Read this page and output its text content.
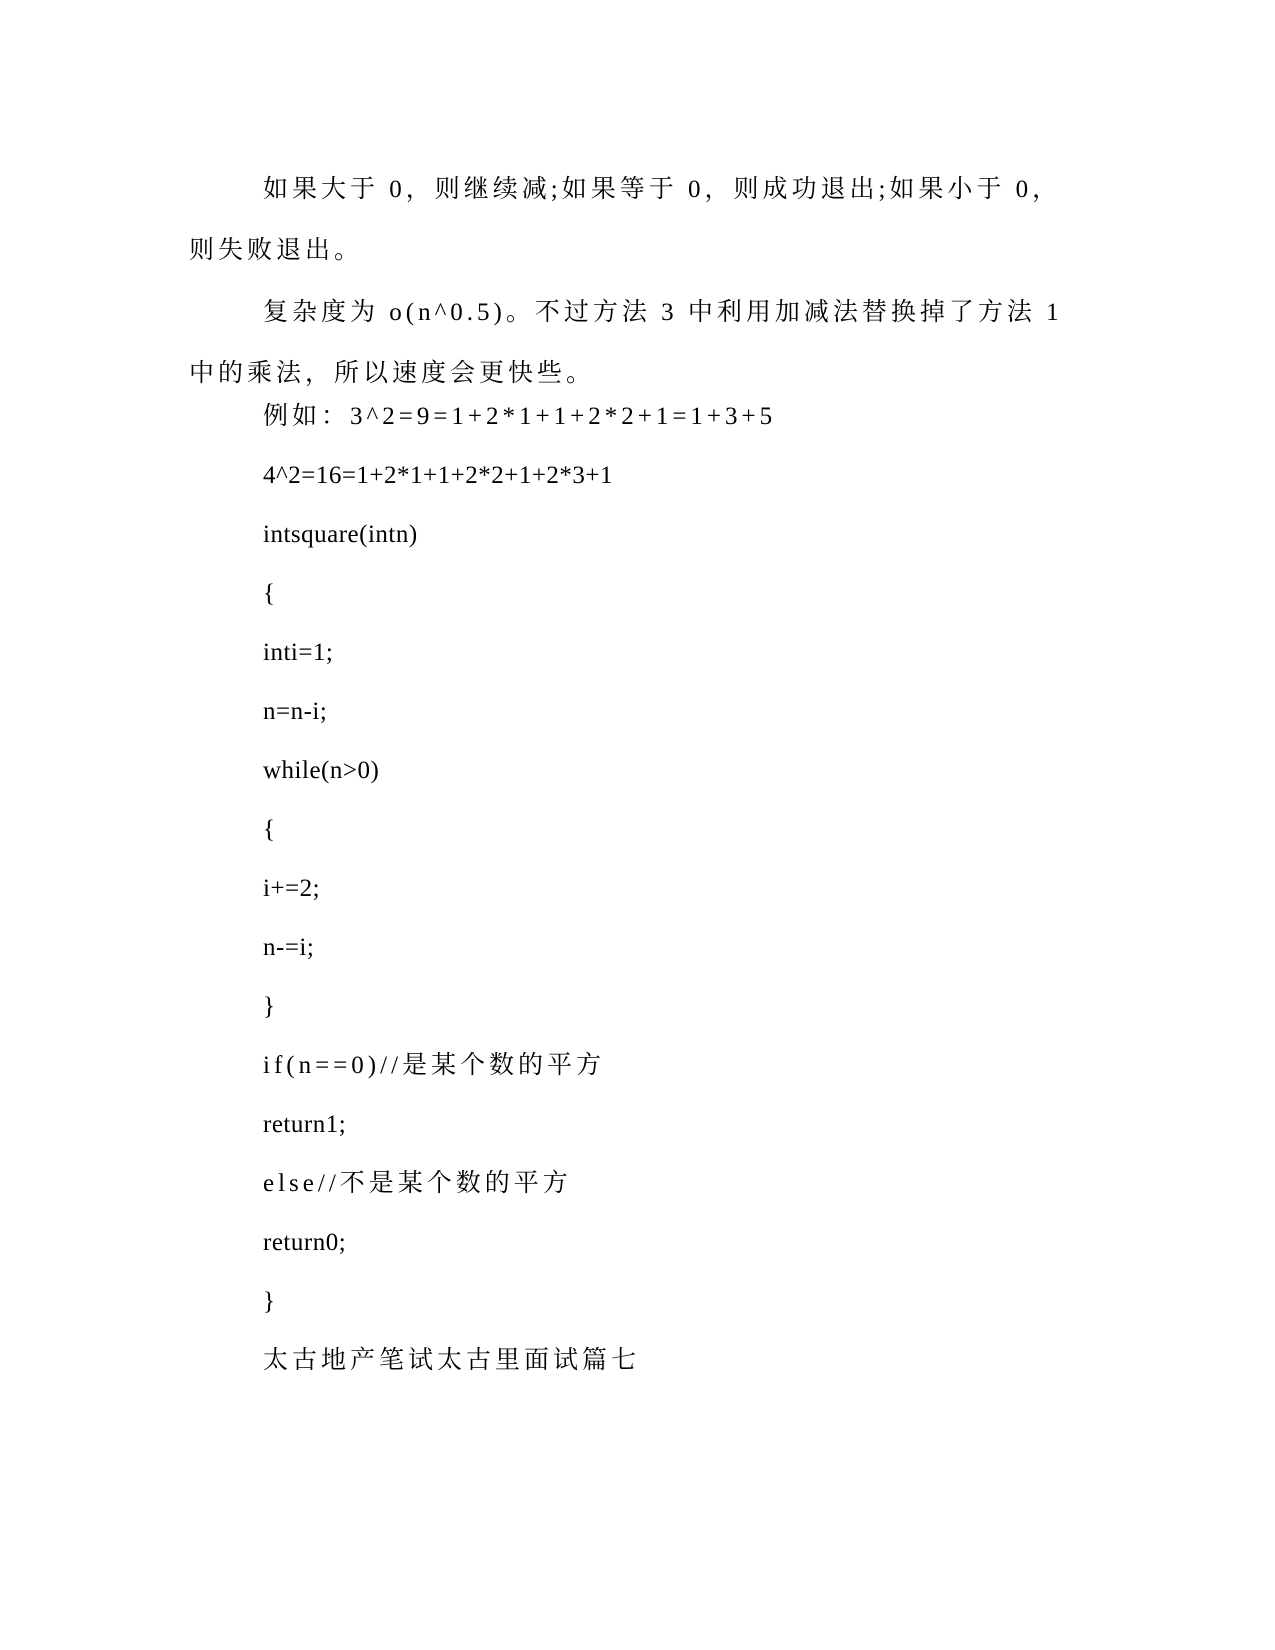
如果大于 0，则继续减;如果等于 0，则成功退出;如果小于 0，则失败退出。

复杂度为 o(n^0.5)。不过方法 3 中利用加减法替换掉了方法 1 中的乘法，所以速度会更快些。

例如：3^2=9=1+2*1+1+2*2+1=1+3+5

4^2=16=1+2*1+1+2*2+1+2*3+1

intsquare(intn)

{

inti=1;

n=n-i;

while(n>0)

{

i+=2;

n-=i;

}

if(n==0)//是某个数的平方

return1;

else//不是某个数的平方

return0;

}

太古地产笔试太古里面试篇七
